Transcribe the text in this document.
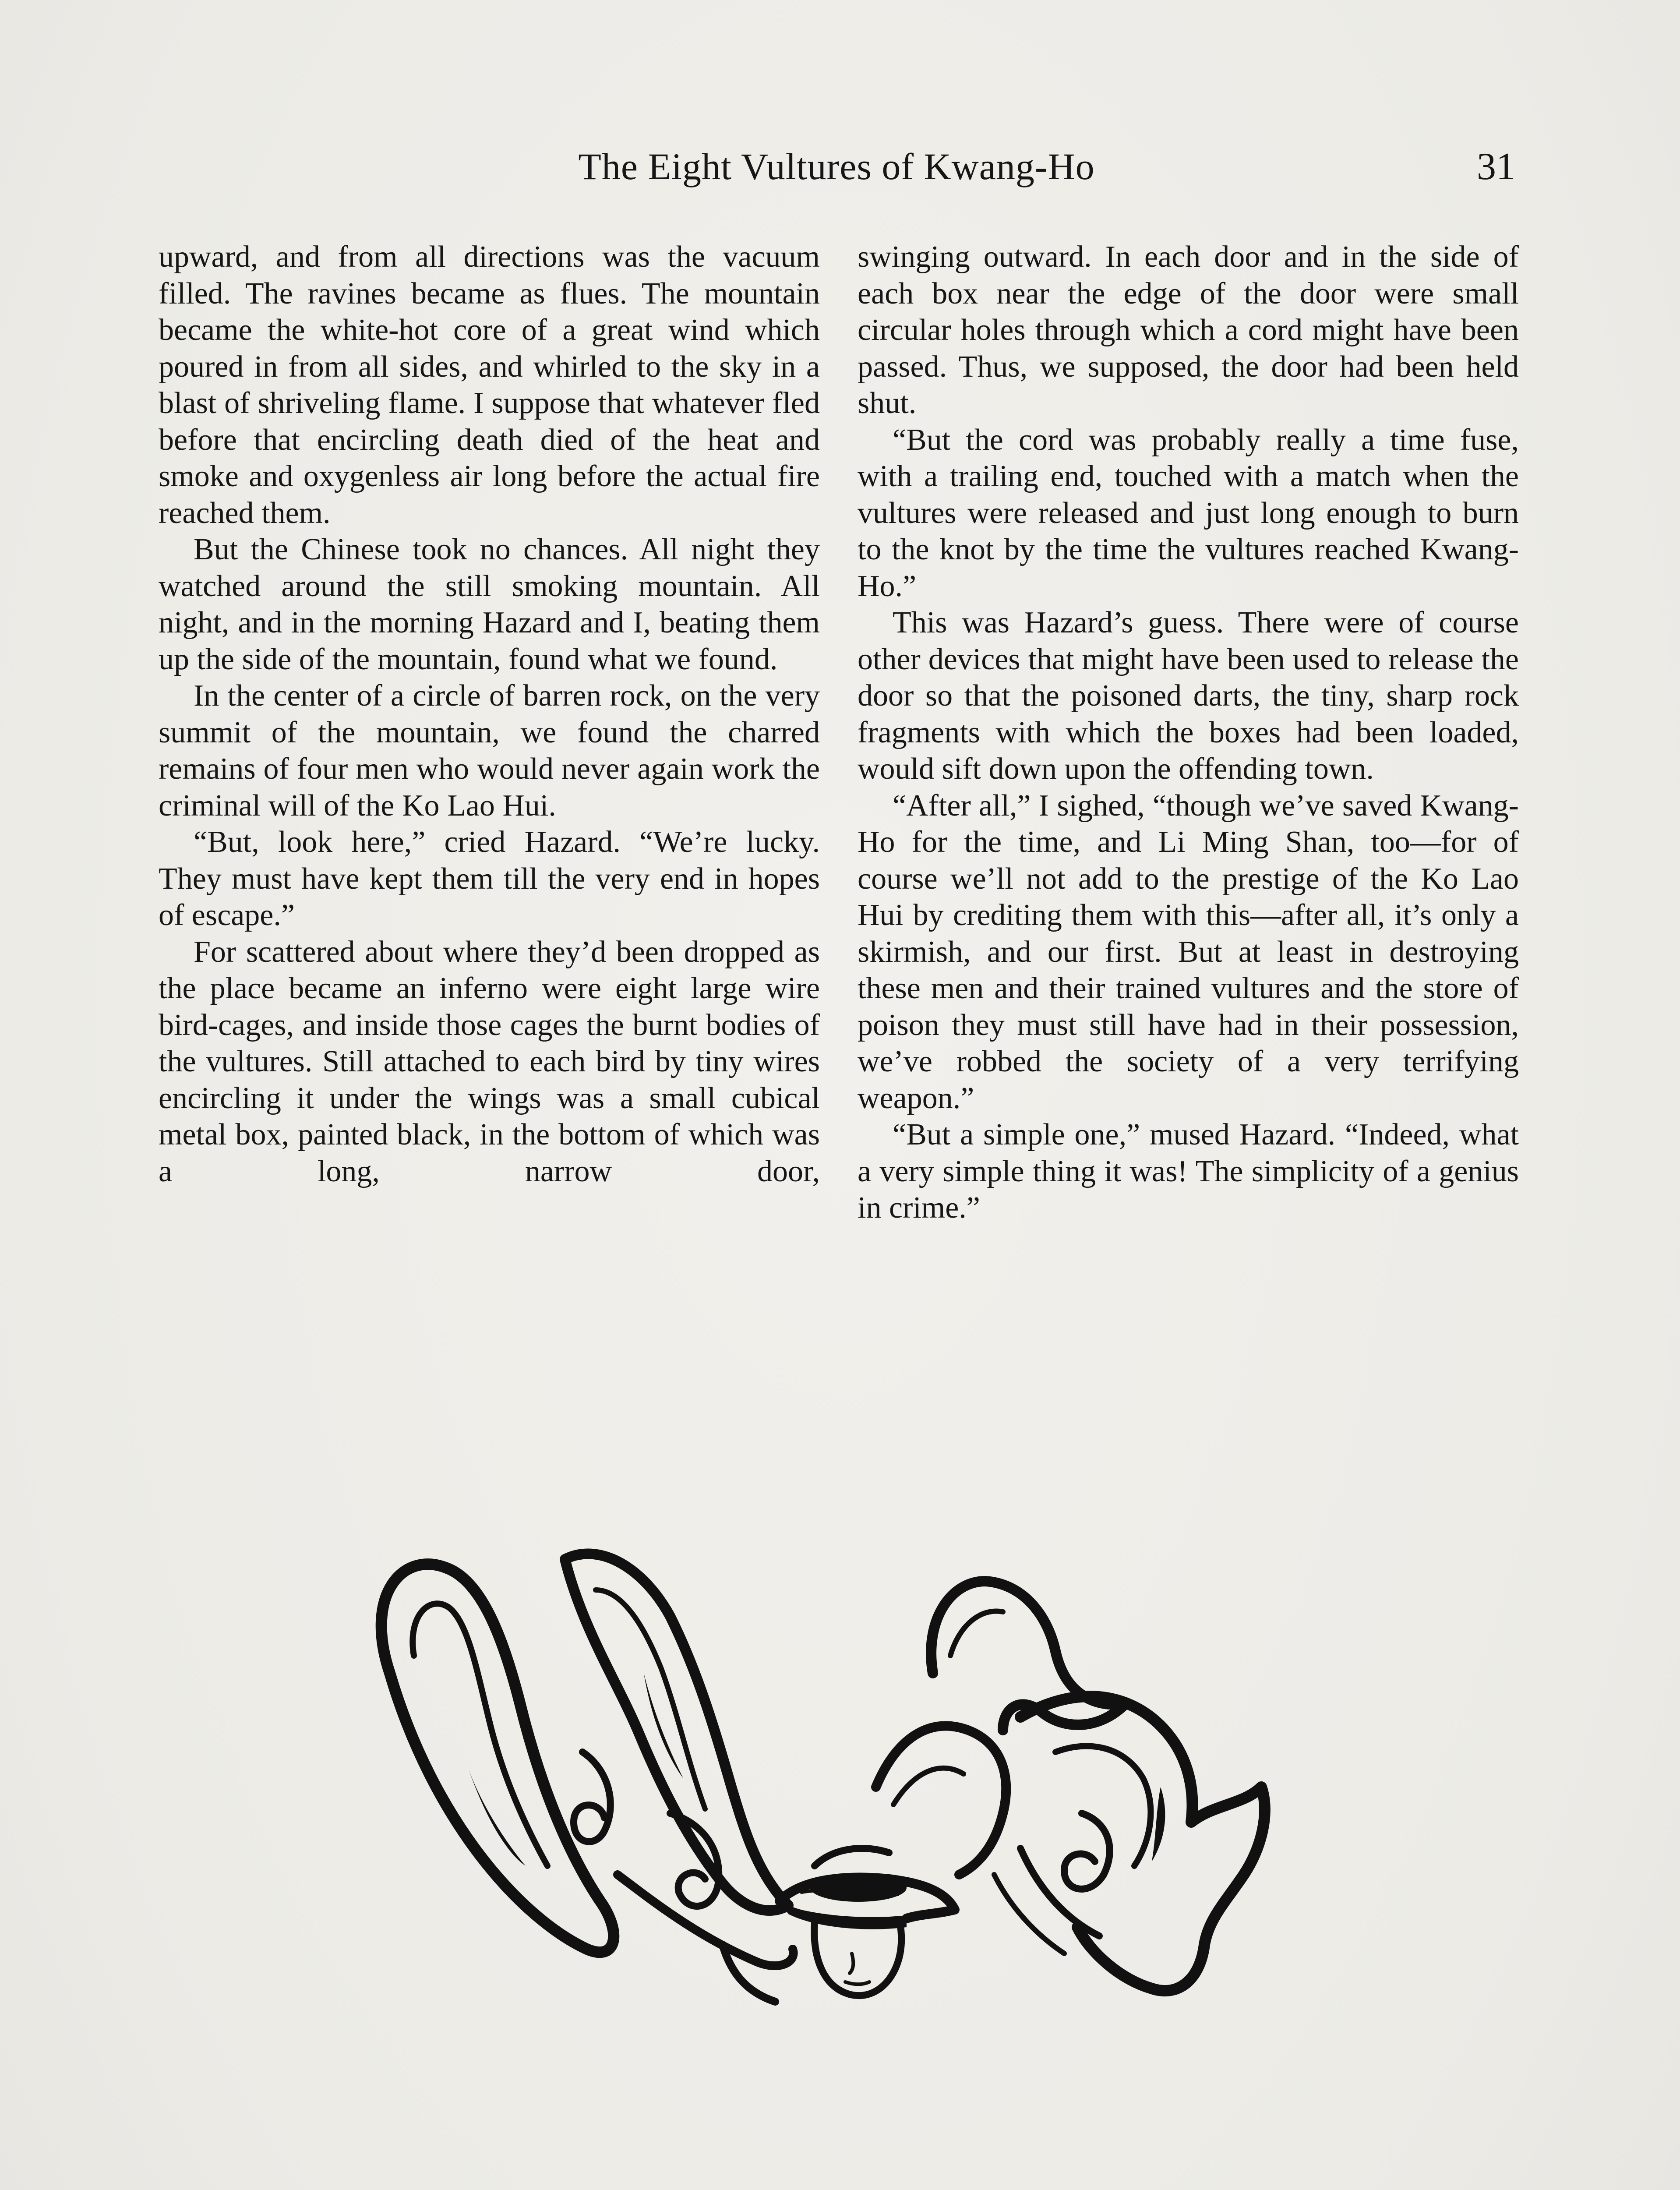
The Eight Vultures of Kwang-Ho	31

upward, and from all directions was the vacuum filled. The ravines became as flues. The mountain became the white-hot core of a great wind which poured in from all sides, and whirled to the sky in a blast of shriveling flame. I suppose that whatever fled before that encircling death died of the heat and smoke and oxygenless air long before the actual fire reached them.

But the Chinese took no chances. All night they watched around the still smoking mountain. All night, and in the morning Hazard and I, beating them up the side of the mountain, found what we found.

In the center of a circle of barren rock, on the very summit of the mountain, we found the charred remains of four men who would never again work the criminal will of the Ko Lao Hui.

“But, look here,” cried Hazard. “We’re lucky. They must have kept them till the very end in hopes of escape.”

For scattered about where they’d been dropped as the place became an inferno were eight large wire bird-cages, and inside those cages the burnt bodies of the vultures. Still attached to each bird by tiny wires encircling it under the wings was a small cubical metal box, painted black, in the bottom of which was a long, narrow door,

swinging outward. In each door and in the side of each box near the edge of the door were small circular holes through which a cord might have been passed. Thus, we supposed, the door had been held shut.

“But the cord was probably really a time fuse, with a trailing end, touched with a match when the vultures were released and just long enough to burn to the knot by the time the vultures reached Kwang-Ho.”

This was Hazard’s guess. There were of course other devices that might have been used to release the door so that the poisoned darts, the tiny, sharp rock fragments with which the boxes had been loaded, would sift down upon the offending town.

“After all,” I sighed, “though we’ve saved Kwang-Ho for the time, and Li Ming Shan, too—for of course we’ll not add to the prestige of the Ko Lao Hui by crediting them with this—after all, it’s only a skirmish, and our first. But at least in destroying these men and their trained vultures and the store of poison they must still have had in their possession, we’ve robbed the society of a very terrifying weapon.”

“But a simple one,” mused Hazard. “Indeed, what a very simple thing it was! The simplicity of a genius in crime.”
